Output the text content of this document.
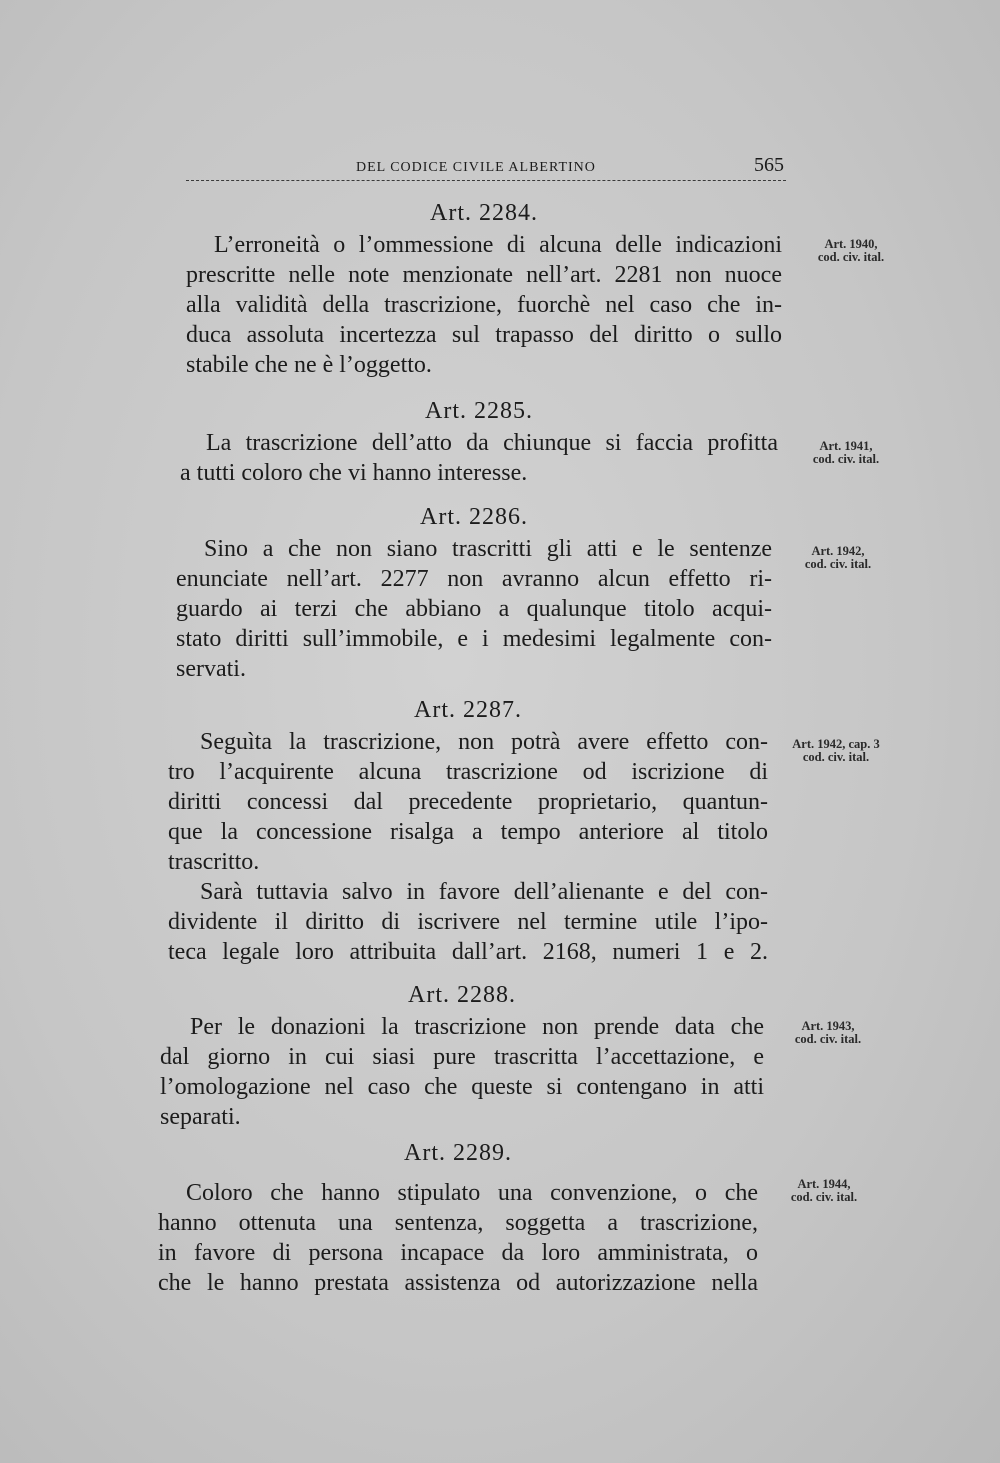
DEL CODICE CIVILE ALBERTINO	565
Art. 2284.

L’erroneità o l’ommessione di alcuna delle indicazioni
prescritte nelle note menzionate nell’art. 2281 non nuoce
alla validità della trascrizione, fuorchè nel caso che in-
duca assoluta incertezza sul trapasso del diritto o sullo
stabile che ne è l’oggetto.

Art. 1940,
cod. civ. ital.
Art. 2285.

La trascrizione dell’atto da chiunque si faccia profitta
a tutti coloro che vi hanno interesse.

Art. 1941,
cod. civ. ital.
Art. 2286.

Sino a che non siano trascritti gli atti e le sentenze
enunciate nell’art. 2277 non avranno alcun effetto ri-
guardo ai terzi che abbiano a qualunque titolo acqui-
stato diritti sull’immobile, e i medesimi legalmente con-
servati.

Art. 1942,
cod. civ. ital.
Art. 2287.

Seguìta la trascrizione, non potrà avere effetto con-
tro l’acquirente alcuna trascrizione od iscrizione di
diritti concessi dal precedente proprietario, quantun-
que la concessione risalga a tempo anteriore al titolo
trascritto.

Sarà tuttavia salvo in favore dell’alienante e del con-
dividente il diritto di iscrivere nel termine utile l’ipo-
teca legale loro attribuita dall’art. 2168, numeri 1 e 2.

Art. 1942, cap. 3
cod. civ. ital.
Art. 2288.

Per le donazioni la trascrizione non prende data che
dal giorno in cui siasi pure trascritta l’accettazione, e
l’omologazione nel caso che queste si contengano in atti
separati.

Art. 1943,
cod. civ. ital.
Art. 2289.

Coloro che hanno stipulato una convenzione, o che
hanno ottenuta una sentenza, soggetta a trascrizione,
in favore di persona incapace da loro amministrata, o
che le hanno prestata assistenza od autorizzazione nella

Art. 1944,
cod. civ. ital.
